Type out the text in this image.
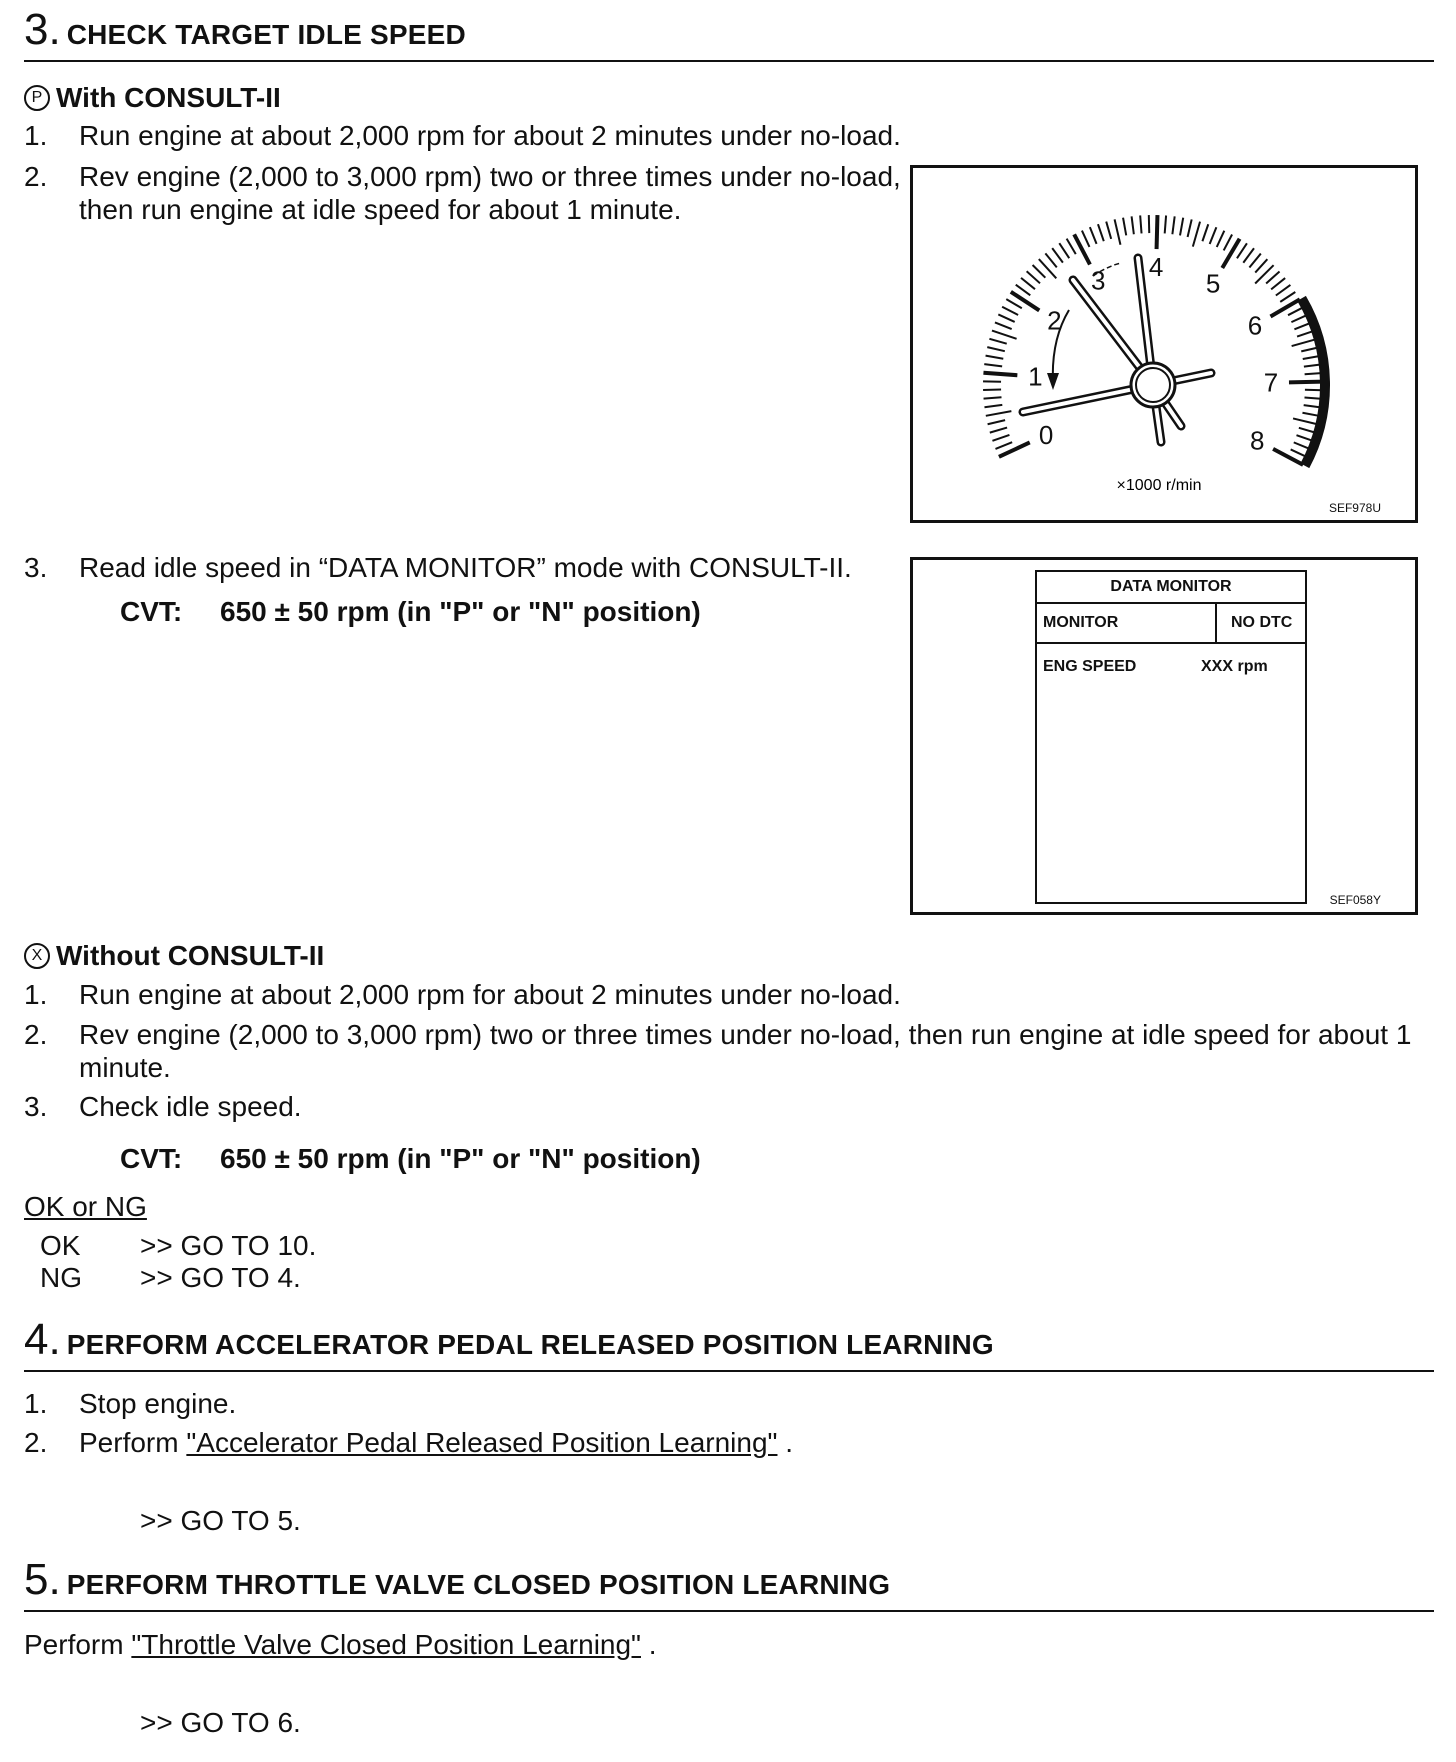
3. CHECK TARGET IDLE SPEED
P With CONSULT-II
1.	Run engine at about 2,000 rpm for about 2 minutes under no-load.
2.	Rev engine (2,000 to 3,000 rpm) two or three times under no-load, then run engine at idle speed for about 1 minute.
0
1
2
3 4
5
6
7
8
×1000 r/min
SEF978U
3.	Read idle speed in “DATA MONITOR” mode with CONSULT-II.
CVT: 650 ± 50 rpm (in "P" or "N" position)
DATA MONITOR
MONITOR	NO DTC
ENG SPEED	XXX rpm
SEF058Y
X Without CONSULT-II
1.	Run engine at about 2,000 rpm for about 2 minutes under no-load.
2.	Rev engine (2,000 to 3,000 rpm) two or three times under no-load, then run engine at idle speed for about 1 minute.
3.	Check idle speed.
CVT: 650 ± 50 rpm (in "P" or "N" position)
OK or NG
OK	>> GO TO 10.
NG	>> GO TO 4.
4. PERFORM ACCELERATOR PEDAL RELEASED POSITION LEARNING
1.	Stop engine.
2.	Perform "Accelerator Pedal Released Position Learning" .
>> GO TO 5.
5. PERFORM THROTTLE VALVE CLOSED POSITION LEARNING
Perform "Throttle Valve Closed Position Learning" .
>> GO TO 6.
